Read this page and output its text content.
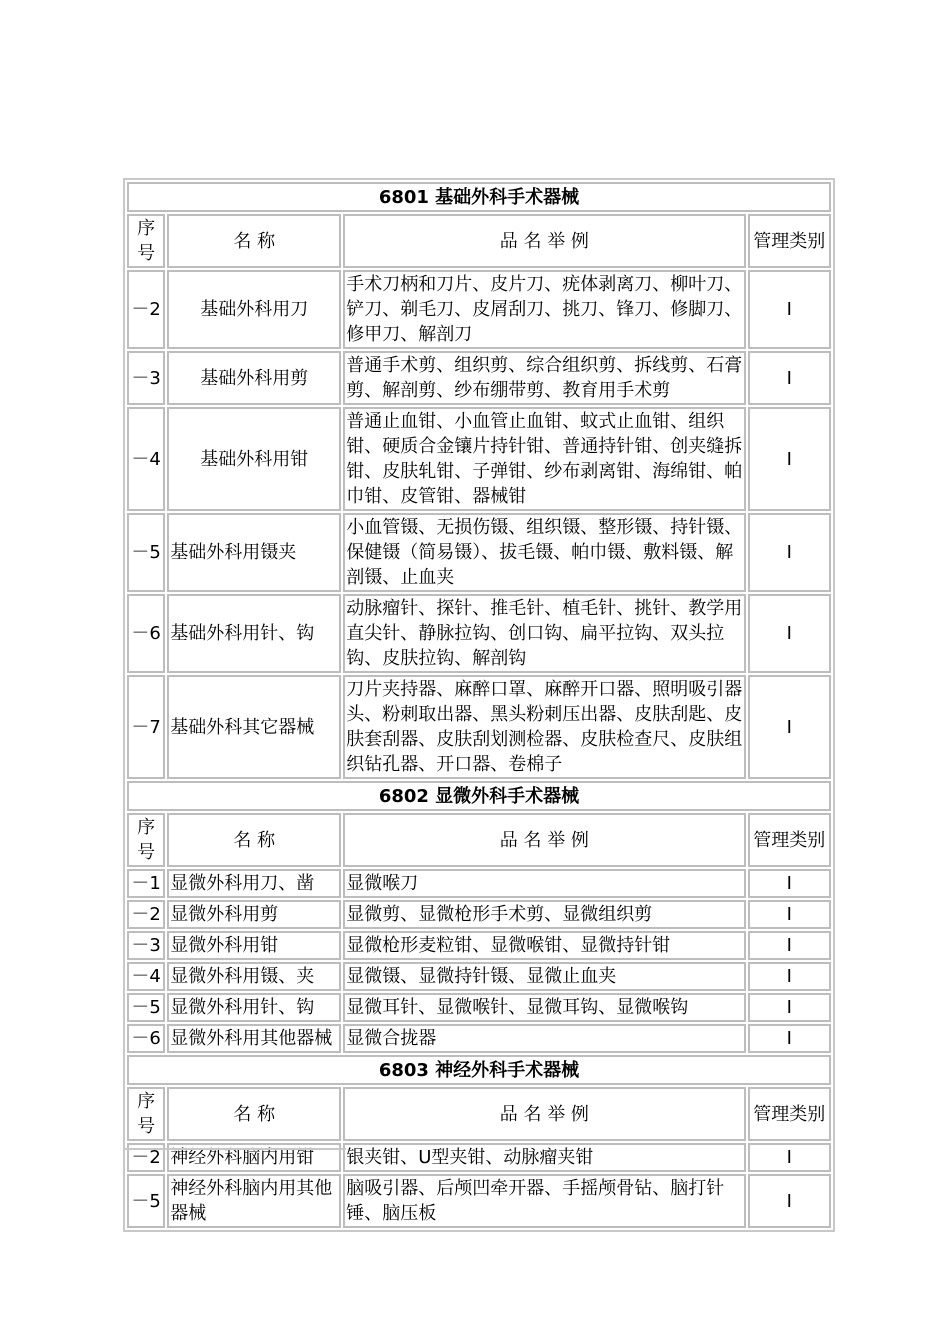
6801 基础外科手术器械			
序号	名 称	品 名 举 例	管理类别
－2	基础外科用刀	手术刀柄和刀片、皮片刀、疣体剥离刀、柳叶刀、铲刀、剃毛刀、皮屑刮刀、挑刀、锋刀、修脚刀、修甲刀、解剖刀	Ⅰ
－3	基础外科用剪	普通手术剪、组织剪、综合组织剪、拆线剪、石膏剪、解剖剪、纱布绷带剪、教育用手术剪	Ⅰ
－4	基础外科用钳	普通止血钳、小血管止血钳、蚊式止血钳、组织钳、硬质合金镶片持针钳、普通持针钳、创夹缝拆钳、皮肤轧钳、子弹钳、纱布剥离钳、海绵钳、帕巾钳、皮管钳、器械钳	Ⅰ
－5	基础外科用镊夹	小血管镊、无损伤镊、组织镊、整形镊、持针镊、保健镊（简易镊）、拔毛镊、帕巾镊、敷料镊、解剖镊、止血夹	Ⅰ
－6	基础外科用针、钩	动脉瘤针、探针、推毛针、植毛针、挑针、教学用直尖针、静脉拉钩、创口钩、扁平拉钩、双头拉钩、皮肤拉钩、解剖钩	Ⅰ
－7	基础外科其它器械	刀片夹持器、麻醉口罩、麻醉开口器、照明吸引器头、粉刺取出器、黑头粉刺压出器、皮肤刮匙、皮肤套刮器、皮肤刮划测检器、皮肤检查尺、皮肤组织钻孔器、开口器、卷棉子	Ⅰ
6802 显微外科手术器械			
序号	名 称	品 名 举 例	管理类别
－1	显微外科用刀、凿	显微喉刀	Ⅰ
－2	显微外科用剪	显微剪、显微枪形手术剪、显微组织剪	Ⅰ
－3	显微外科用钳	显微枪形麦粒钳、显微喉钳、显微持针钳	Ⅰ
－4	显微外科用镊、夹	显微镊、显微持针镊、显微止血夹	Ⅰ
－5	显微外科用针、钩	显微耳针、显微喉针、显微耳钩、显微喉钩	Ⅰ
－6	显微外科用其他器械	显微合拢器	Ⅰ
6803 神经外科手术器械			
序号	名 称	品 名 举 例	管理类别
－2	神经外科脑内用钳	银夹钳、U型夹钳、动脉瘤夹钳	Ⅰ
－5	神经外科脑内用其他器械	脑吸引器、后颅凹牵开器、手摇颅骨钻、脑打针锤、脑压板	Ⅰ
